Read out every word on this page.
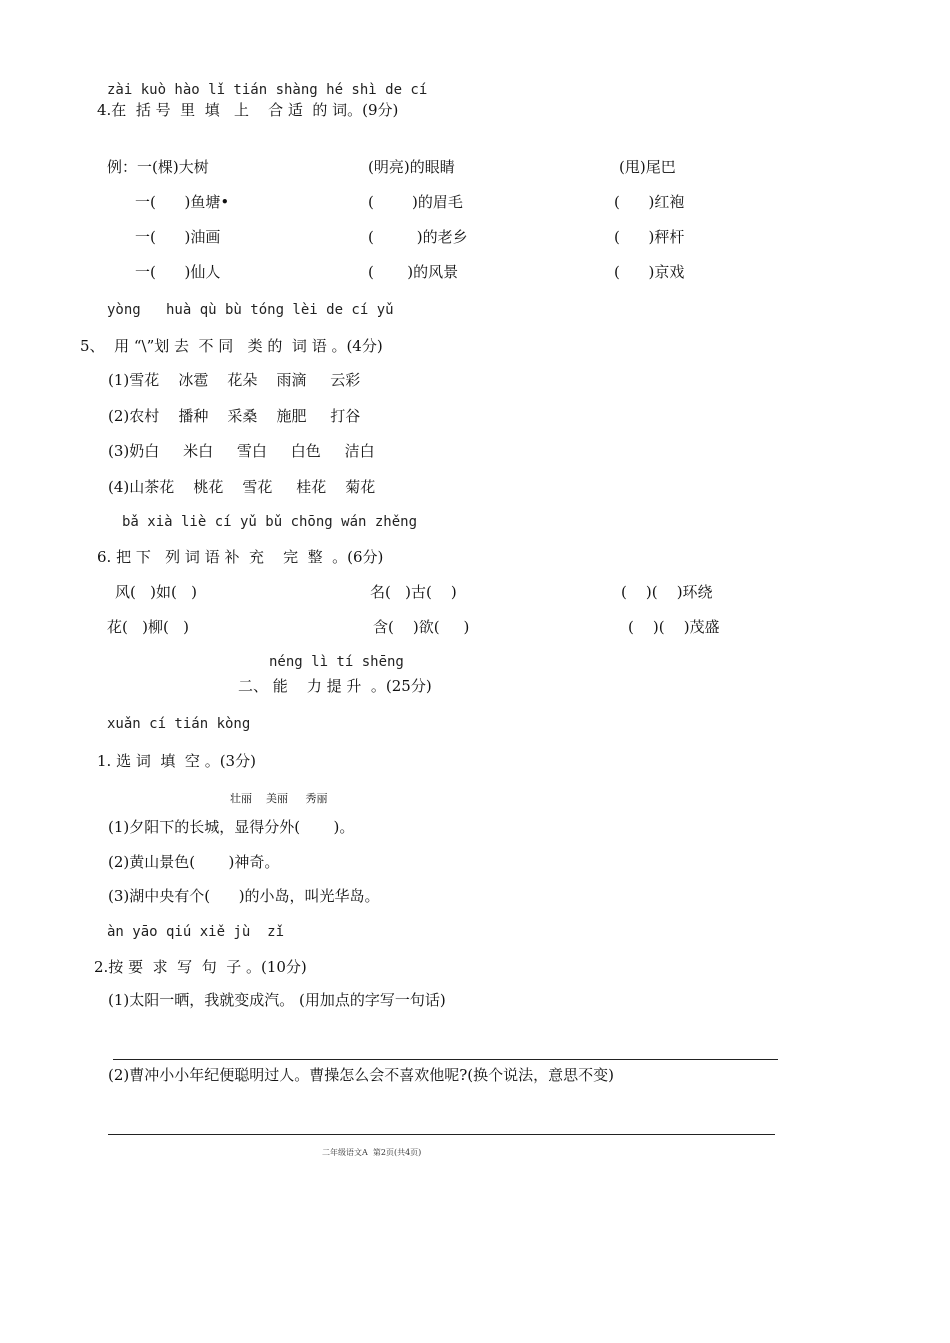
zài kuò hào lǐ tián shàng hé shì de cí
4.在  括 号  里  填   上    合 适  的 词。(9分)
例：一(棵)大树	(明亮)的眼睛	(甩)尾巴
一(      )鱼塘•	(        )的眉毛	(      )红袍
一(      )油画	(         )的老乡	(      )秤杆
一(      )仙人	(       )的风景	(      )京戏
yòng   huà qù bù tóng lèi de cí yǔ
5、  用 “\”划 去  不 同   类 的  词 语 。(4分)
(1)雪花    冰雹    花朵    雨滴     云彩
(2)农村    播种    采桑    施肥     打谷
(3)奶白     米白     雪白     白色     洁白
(4)山茶花    桃花    雪花     桂花    菊花
bǎ xià liè cí yǔ bǔ chōng wán zhěng
6. 把 下   列 词 语 补  充    完  整  。(6分)
风(   )如(   )	名(   )古(    )	(    )(    )环绕
花(   )柳(   )	含(    )欲(     )	(    )(    )茂盛
néng lì tí shēng
二、 能    力 提 升  。(25分)
xuǎn cí tián kòng
1. 选 词  填  空 。(3分)
壮丽    美丽     秀丽
(1)夕阳下的长城，显得分外(       )。
(2)黄山景色(       )神奇。
(3)湖中央有个(      )的小岛，叫光华岛。
àn yāo qiú xiě jù  zǐ
2.按 要  求  写  句  子 。(10分)
(1)太阳一晒，我就变成汽。 (用加点的字写一句话)
(2)曹冲小小年纪便聪明过人。曹操怎么会不喜欢他呢?(换个说法，意思不变)
二年级语文A  第2页(共4页)
